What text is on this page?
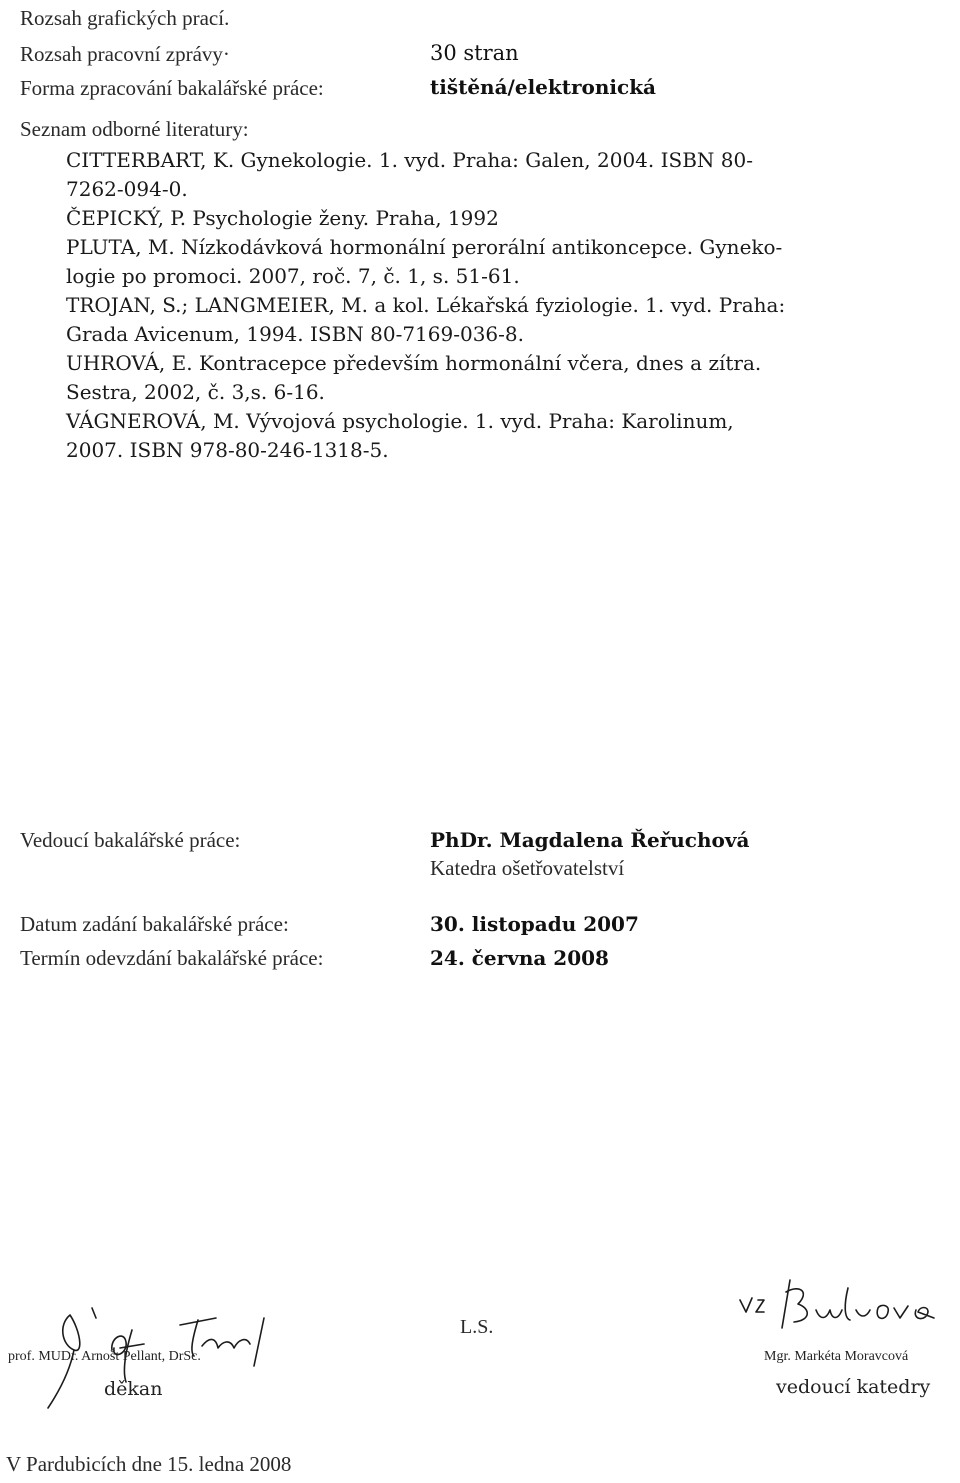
Rozsah grafických prací.
Rozsah pracovní zprávy·	30 stran
Forma zpracování bakalářské práce:	tištěná/elektronická
Seznam odborné literatury:
CITTERBART, K. Gynekologie. 1. vyd. Praha: Galen, 2004. ISBN 80-
7262-094-0.
ČEPICKÝ, P. Psychologie ženy. Praha, 1992
PLUTA, M. Nízkodávková hormonální perorální antikoncepce. Gyneko-
logie po promoci. 2007, roč. 7, č. 1, s. 51-61.
TROJAN, S.; LANGMEIER, M. a kol. Lékařská fyziologie. 1. vyd. Praha:
Grada Avicenum, 1994. ISBN 80-7169-036-8.
UHROVÁ, E. Kontracepce především hormonální včera, dnes a zítra.
Sestra, 2002, č. 3,s. 6-16.
VÁGNEROVÁ, M. Vývojová psychologie. 1. vyd. Praha: Karolinum,
2007. ISBN 978-80-246-1318-5.
Vedoucí bakalářské práce:	PhDr. Magdalena Řeřuchová
Katedra ošetřovatelství
Datum zadání bakalářské práce:	30. listopadu 2007
Termín odevzdání bakalářské práce:	24. června 2008
prof. MUDr. Arnošt Pellant, DrSc.
děkan
L.S.
Mgr. Markéta Moravcová
vedoucí katedry
V Pardubicích dne 15. ledna 2008
